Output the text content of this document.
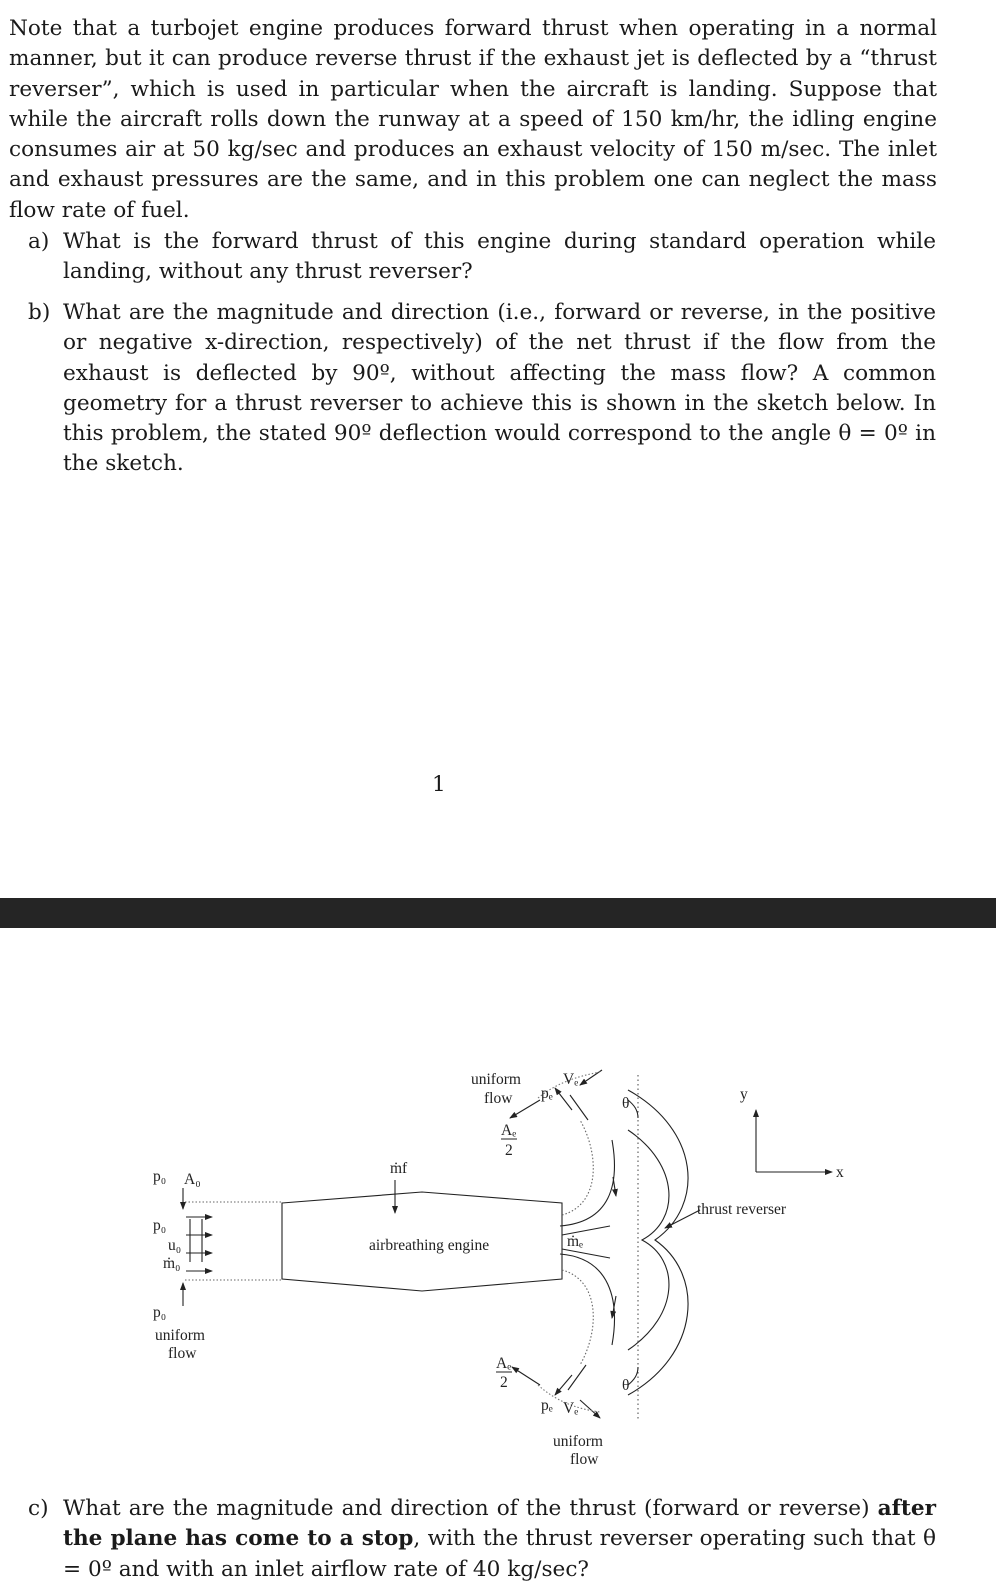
Note that a turbojet engine produces forward thrust when operating in a normal manner, but it can produce reverse thrust if the exhaust jet is deflected by a “thrust reverser”, which is used in particular when the aircraft is landing. Suppose that while the aircraft rolls down the runway at a speed of 150 km/hr, the idling engine consumes air at 50 kg/sec and produces an exhaust velocity of 150 m/sec. The inlet and exhaust pressures are the same, and in this problem one can neglect the mass flow rate of fuel.

a) What is the forward thrust of this engine during standard operation while landing, without any thrust reverser?
b) What are the magnitude and direction (i.e., forward or reverse, in the positive or negative x-direction, respectively) of the net thrust if the flow from the exhaust is deflected by 90º, without affecting the mass flow? A common geometry for a thrust reverser to achieve this is shown in the sketch below. In this problem, the stated 90º deflection would correspond to the angle θ = 0º in the sketch.
1
uniform
flow pₑ
Vₑ
θ
y
x
Aₑ
2
p₀ A₀
ṁf
p₀
u₀
ṁ₀
airbreathing engine	ṁₑ
thrust reverser
p₀
uniform
flow
Aₑ
2	θ
pₑ Vₑ
uniform
flow
c) What are the magnitude and direction of the thrust (forward or reverse) after the plane has come to a stop, with the thrust reverser operating such that θ = 0º and with an inlet airflow rate of 40 kg/sec?
